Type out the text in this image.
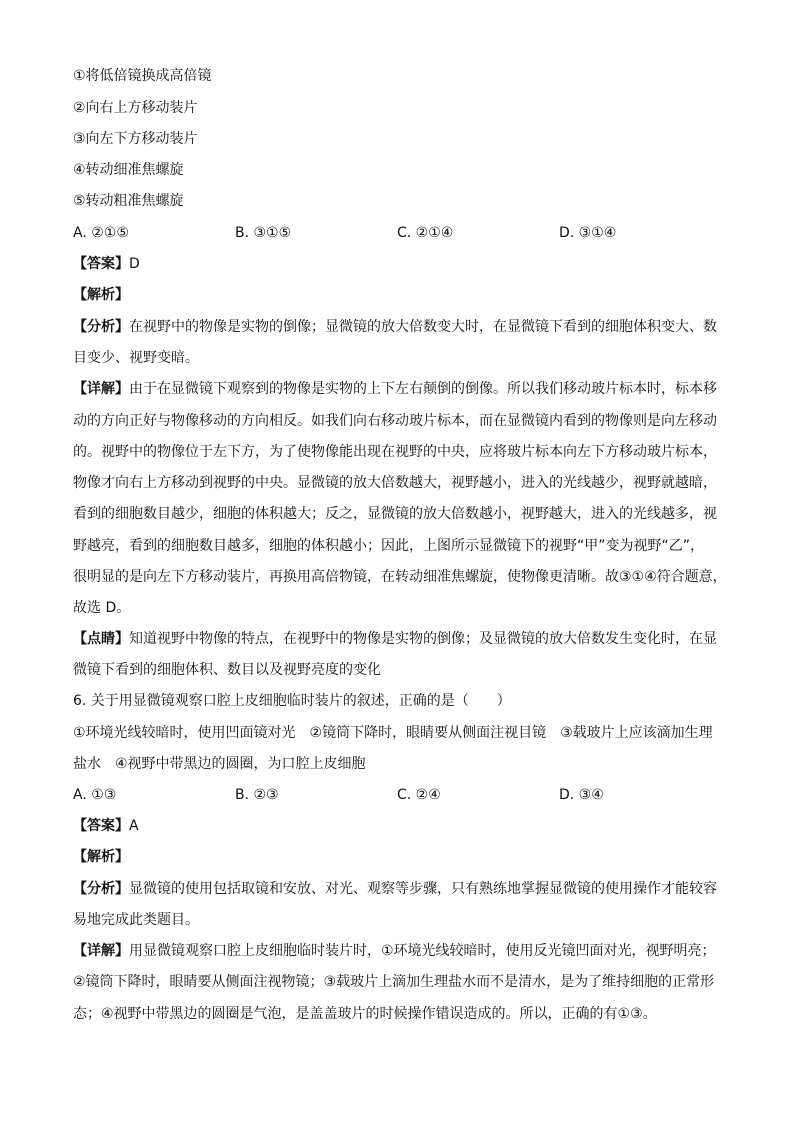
①将低倍镜换成高倍镜
②向右上方移动装片
③向左下方移动装片
④转动细准焦螺旋
⑤转动粗准焦螺旋
A. ②①⑤	B. ③①⑤	C. ②①④	D. ③①④
【答案】D
【解析】
【分析】在视野中的物像是实物的倒像；显微镜的放大倍数变大时，在显微镜下看到的细胞体积变大、数
目变少、视野变暗。
【详解】由于在显微镜下观察到的物像是实物的上下左右颠倒的倒像。所以我们移动玻片标本时，标本移
动的方向正好与物像移动的方向相反。如我们向右移动玻片标本，而在显微镜内看到的物像则是向左移动
的。视野中的物像位于左下方，为了使物像能出现在视野的中央，应将玻片标本向左下方移动玻片标本，
物像才向右上方移动到视野的中央。显微镜的放大倍数越大，视野越小，进入的光线越少，视野就越暗，
看到的细胞数目越少，细胞的体积越大；反之，显微镜的放大倍数越小，视野越大，进入的光线越多，视
野越亮，看到的细胞数目越多，细胞的体积越小；因此，上图所示显微镜下的视野“甲”变为视野“乙”，
很明显的是向左下方移动装片，再换用高倍物镜，在转动细准焦螺旋，使物像更清晰。故③①④符合题意，
故选 D。
【点睛】知道视野中物像的特点，在视野中的物像是实物的倒像；及显微镜的放大倍数发生变化时，在显
微镜下看到的细胞体积、数目以及视野亮度的变化
6. 关于用显微镜观察口腔上皮细胞临时装片的叙述，正确的是（　　）
①环境光线较暗时，使用凹面镜对光　②镜筒下降时，眼睛要从侧面注视目镜　③载玻片上应该滴加生理
盐水　④视野中带黑边的圆圈，为口腔上皮细胞
A. ①③	B. ②③	C. ②④	D. ③④
【答案】A
【解析】
【分析】显微镜的使用包括取镜和安放、对光、观察等步骤，只有熟练地掌握显微镜的使用操作才能较容
易地完成此类题目。
【详解】用显微镜观察口腔上皮细胞临时装片时，①环境光线较暗时，使用反光镜凹面对光，视野明亮；
②镜筒下降时，眼睛要从侧面注视物镜；③载玻片上滴加生理盐水而不是清水，是为了维持细胞的正常形
态；④视野中带黑边的圆圈是气泡，是盖盖玻片的时候操作错误造成的。所以，正确的有①③。
